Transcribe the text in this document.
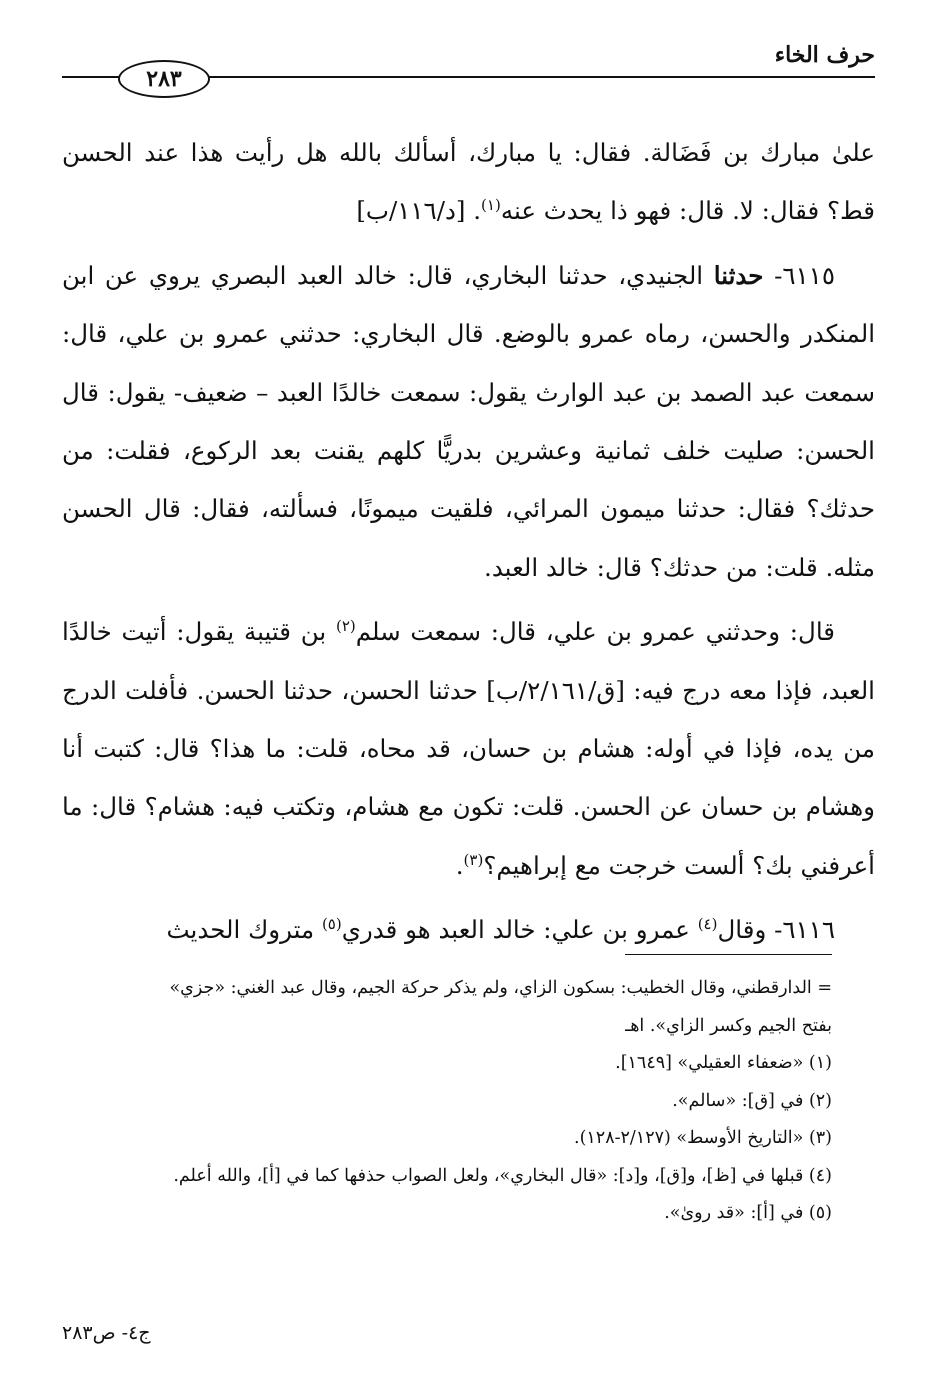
حرف الخاء
٢٨٣

علىٰ مبارك بن فَضَالة. فقال: يا مبارك، أسألك بالله هل رأيت هذا عند الحسن قط؟ فقال: لا. قال: فهو ذا يحدث عنه$^{(١)}$. [د/١١٦/ب]

٦١١٥- حدثنا الجنيدي، حدثنا البخاري، قال: خالد العبد البصري يروي عن ابن المنكدر والحسن، رماه عمرو بالوضع. قال البخاري: حدثني عمرو بن علي، قال: سمعت عبد الصمد بن عبد الوارث يقول: سمعت خالدًا العبد – ضعيف- يقول: قال الحسن: صليت خلف ثمانية وعشرين بدريًّا كلهم يقنت بعد الركوع، فقلت: من حدثك؟ فقال: حدثنا ميمون المرائي، فلقيت ميمونًا، فسألته، فقال: قال الحسن مثله. قلت: من حدثك؟ قال: خالد العبد.

قال: وحدثني عمرو بن علي، قال: سمعت سلم$^{(٢)}$ بن قتيبة يقول: أتيت خالدًا العبد، فإذا معه درج فيه: [ق/٢/١٦١/ب] حدثنا الحسن، حدثنا الحسن. فأفلت الدرج من يده، فإذا في أوله: هشام بن حسان، قد محاه، قلت: ما هذا؟ قال: كتبت أنا وهشام بن حسان عن الحسن. قلت: تكون مع هشام، وتكتب فيه: هشام؟ قال: ما أعرفني بك؟ ألست خرجت مع إبراهيم؟$^{(٣)}$.

٦١١٦- وقال$^{(٤)}$ عمرو بن علي: خالد العبد هو قدري$^{(٥)}$ متروك الحديث

= الدارقطني، وقال الخطيب: بسكون الزاي، ولم يذكر حركة الجيم، وقال عبد الغني: «جزي»
بفتح الجيم وكسر الزاي». اهـ
(١) «ضعفاء العقيلي» [١٦٤٩].
(٢) في [ق]: «سالم».
(٣) «التاريخ الأوسط» (٢/١٢٧-١٢٨).
(٤) قبلها في [ظ]، و[ق]، و[د]: «قال البخاري»، ولعل الصواب حذفها كما في [أ]، والله أعلم.
(٥) في [أ]: «قد روىٰ».
ج٤- ص٢٨٣
